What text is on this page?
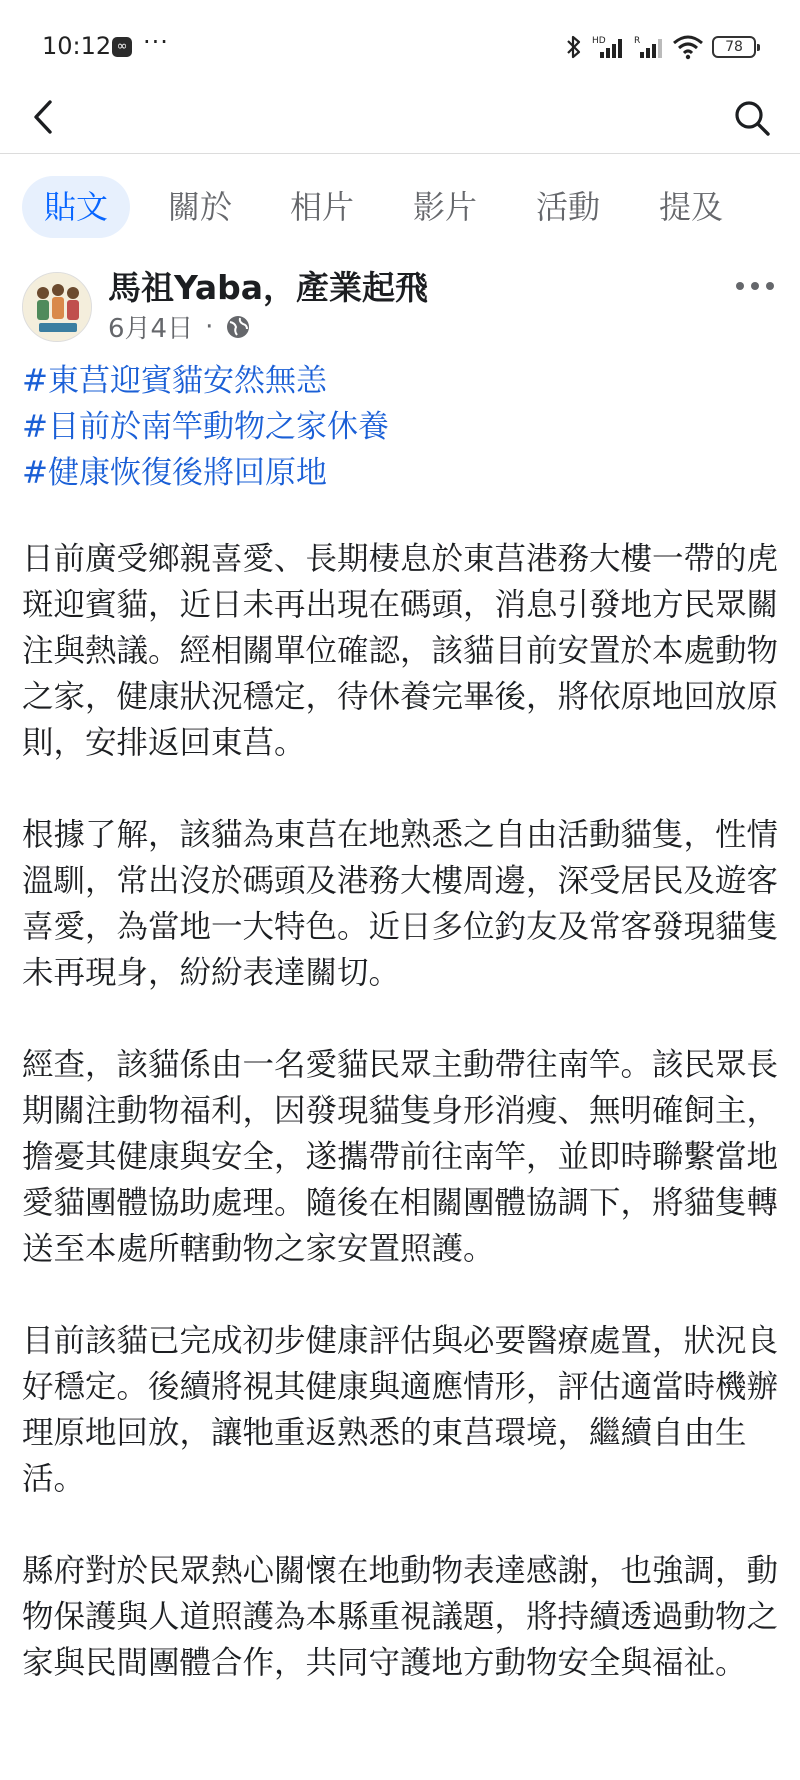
10:12 ∞ ···	HD	R	78
貼文	關於	相片	影片	活動	提及
馬祖Yaba，產業起飛
6月4日 ·
#東莒迎賓貓安然無恙
#目前於南竿動物之家休養
#健康恢復後將回原地

日前廣受鄉親喜愛、長期棲息於東莒港務大樓一帶的虎斑迎賓貓，近日未再出現在碼頭，消息引發地方民眾關注與熱議。經相關單位確認，該貓目前安置於本處動物之家，健康狀況穩定，待休養完畢後，將依原地回放原則，安排返回東莒。

根據了解，該貓為東莒在地熟悉之自由活動貓隻，性情溫馴，常出沒於碼頭及港務大樓周邊，深受居民及遊客喜愛，為當地一大特色。近日多位釣友及常客發現貓隻未再現身，紛紛表達關切。

經查，該貓係由一名愛貓民眾主動帶往南竿。該民眾長期關注動物福利，因發現貓隻身形消瘦、無明確飼主，擔憂其健康與安全，遂攜帶前往南竿，並即時聯繫當地愛貓團體協助處理。隨後在相關團體協調下，將貓隻轉送至本處所轄動物之家安置照護。

目前該貓已完成初步健康評估與必要醫療處置，狀況良好穩定。後續將視其健康與適應情形，評估適當時機辦理原地回放，讓牠重返熟悉的東莒環境，繼續自由生活。

縣府對於民眾熱心關懷在地動物表達感謝，也強調，動物保護與人道照護為本縣重視議題，將持續透過動物之家與民間團體合作，共同守護地方動物安全與福祉。
